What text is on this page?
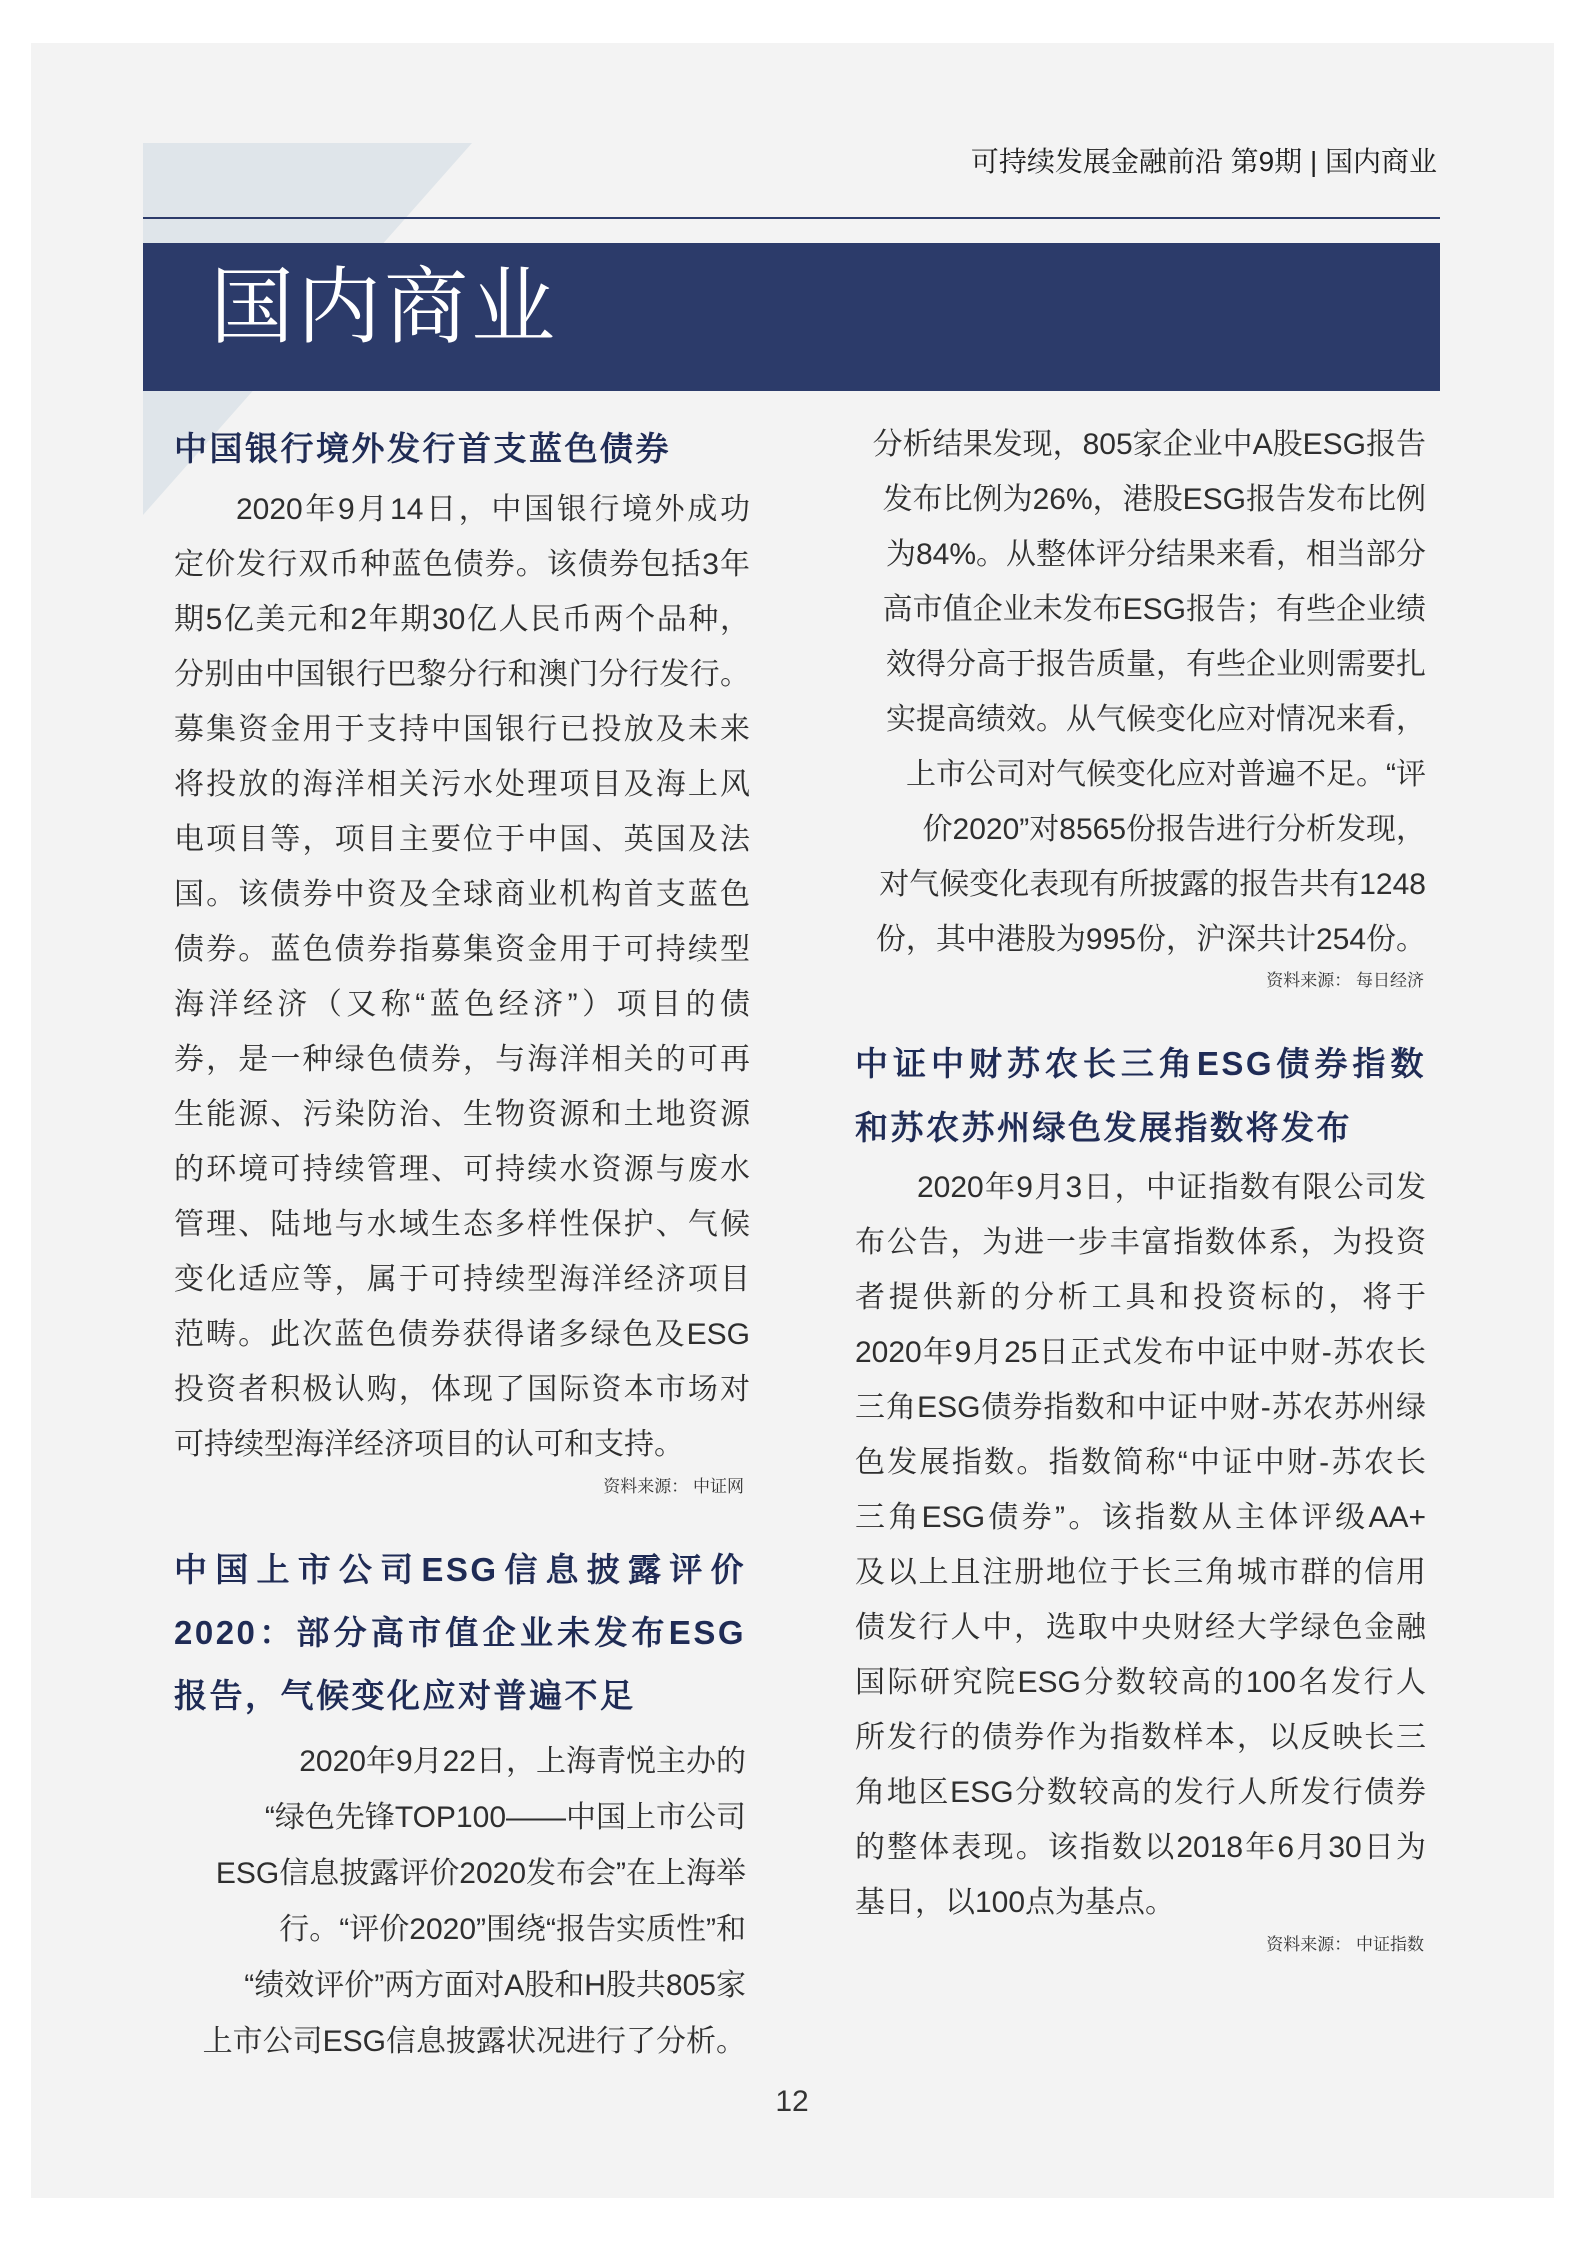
可持续发展金融前沿 第9期 | 国内商业
国内商业
中国银行境外发行首支蓝色债券
2020年9月14日，中国银行境外成功
定价发行双币种蓝色债券。该债券包括3年
期5亿美元和2年期30亿人民币两个品种，
分别由中国银行巴黎分行和澳门分行发行。
募集资金用于支持中国银行已投放及未来
将投放的海洋相关污水处理项目及海上风
电项目等，项目主要位于中国、英国及法
国。该债券中资及全球商业机构首支蓝色
债券。蓝色债券指募集资金用于可持续型
海洋经济（又称“蓝色经济”）项目的债
券，是一种绿色债券，与海洋相关的可再
生能源、污染防治、生物资源和土地资源
的环境可持续管理、可持续水资源与废水
管理、陆地与水域生态多样性保护、气候
变化适应等，属于可持续型海洋经济项目
范畴。此次蓝色债券获得诸多绿色及ESG
投资者积极认购，体现了国际资本市场对
可持续型海洋经济项目的认可和支持。
资料来源： 中证网
中国上市公司ESG信息披露评价
2020：部分高市值企业未发布ESG
报告，气候变化应对普遍不足
2020年9月22日，上海青悦主办的
“绿色先锋TOP100——中国上市公司
ESG信息披露评价2020发布会”在上海举
行。“评价2020”围绕“报告实质性”和
“绩效评价”两方面对A股和H股共805家
上市公司ESG信息披露状况进行了分析。
分析结果发现，805家企业中A股ESG报告
发布比例为26%，港股ESG报告发布比例
为84%。从整体评分结果来看，相当部分
高市值企业未发布ESG报告；有些企业绩
效得分高于报告质量，有些企业则需要扎
实提高绩效。从气候变化应对情况来看，
上市公司对气候变化应对普遍不足。“评
价2020”对8565份报告进行分析发现，
对气候变化表现有所披露的报告共有1248
份，其中港股为995份，沪深共计254份。
资料来源： 每日经济
中证中财苏农长三角ESG债券指数
和苏农苏州绿色发展指数将发布
2020年9月3日，中证指数有限公司发
布公告，为进一步丰富指数体系，为投资
者提供新的分析工具和投资标的，将于
2020年9月25日正式发布中证中财-苏农长
三角ESG债券指数和中证中财-苏农苏州绿
色发展指数。指数简称“中证中财-苏农长
三角ESG债券”。该指数从主体评级AA+
及以上且注册地位于长三角城市群的信用
债发行人中，选取中央财经大学绿色金融
国际研究院ESG分数较高的100名发行人
所发行的债券作为指数样本，以反映长三
角地区ESG分数较高的发行人所发行债券
的整体表现。该指数以2018年6月30日为
基日，以100点为基点。
资料来源： 中证指数
12
